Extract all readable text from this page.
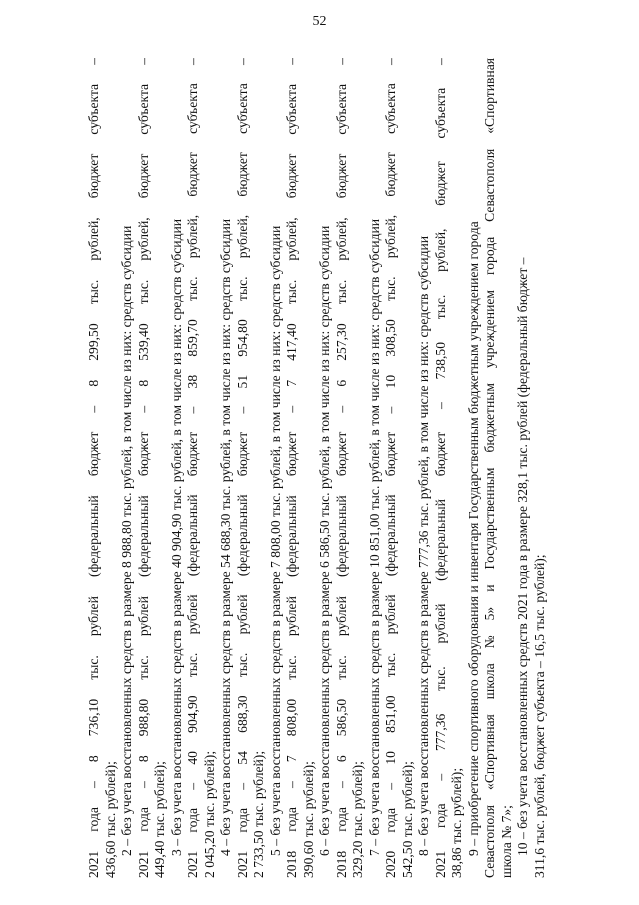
52
2021
года
–
8
736,10
тыс.
рублей
(федеральный
бюджет
–
8
299,50
тыс.
рублей,
бюджет
субъекта
–
436,60 тыс. рублей); 2 – без учета восстановленных средств в размере 8 988,80 тыс. рублей, в том числе из них: средств субсидии
2021
года
–
8
988,80
тыс.
рублей
(федеральный
бюджет
–
8
539,40
тыс.
рублей,
бюджет
субъекта
–
449,40 тыс. рублей); 3 – без учета восстановленных средств в размере 40 904,90 тыс. рублей, в том числе из них: средств субсидии
2021
года
–
40
904,90
тыс.
рублей
(федеральный
бюджет
–
38
859,70
тыс.
рублей,
бюджет
субъекта
–
2 045,20 тыс. рублей); 4 – без учета восстановленных средств в размере 54 688,30 тыс. рублей, в том числе из них: средств субсидии
2021
года
–
54
688,30
тыс.
рублей
(федеральный
бюджет
–
51
954,80
тыс.
рублей,
бюджет
субъекта
–
2 733,50 тыс. рублей); 5 – без учета восстановленных средств в размере 7 808,00 тыс. рублей, в том числе из них: средств субсидии
2018
года
–
7
808,00
тыс.
рублей
(федеральный
бюджет
–
7
417,40
тыс.
рублей,
бюджет
субъекта
–
390,60 тыс. рублей); 6 – без учета восстановленных средств в размере 6 586,50 тыс. рублей, в том числе из них: средств субсидии
2018
года
–
6
586,50
тыс.
рублей
(федеральный
бюджет
–
6
257,30
тыс.
рублей,
бюджет
субъекта
–
329,20 тыс. рублей); 7 – без учета восстановленных средств в размере 10 851,00 тыс. рублей, в том числе из них: средств субсидии
2020
года
–
10
851,00
тыс.
рублей
(федеральный
бюджет
–
10
308,50
тыс.
рублей,
бюджет
субъекта
–
542,50 тыс. рублей); 8 – без учета восстановленных средств в размере 777,36 тыс. рублей, в том числе из них: средств субсидии
2021
года
–
777,36
тыс.
рублей
(федеральный
бюджет
–
738,50
тыс.
рублей,
бюджет
субъекта
–
38,86 тыс. рублей); 9 – приобретение спортивного оборудования и инвентаря Государственным бюджетным учреждением города Севастополя
«Спортивная
школа
№
5»
и
Государственным
бюджетным
учреждением
города
Севастополя
«Спортивная
школа № 7»; 10 – без учета восстановленных средств 2021 года в размере 328,1 тыс. рублей (федеральный бюджет – 311,6 тыс. рублей, бюджет субъекта – 16,5 тыс. рублей);
